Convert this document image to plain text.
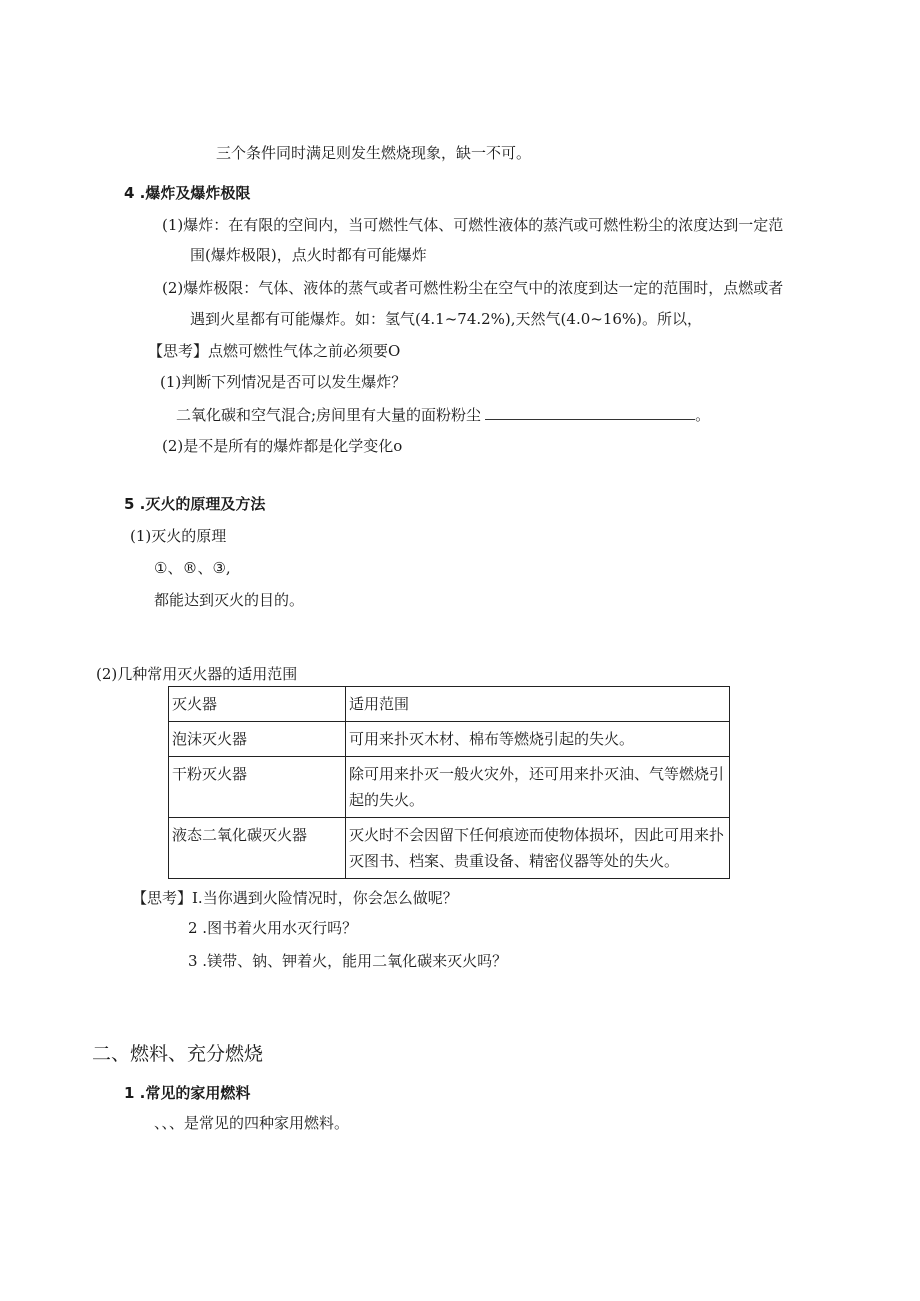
三个条件同时满足则发生燃烧现象，缺一不可。
4 .爆炸及爆炸极限
(1)爆炸：在有限的空间内，当可燃性气体、可燃性液体的蒸汽或可燃性粉尘的浓度达到一定范
围(爆炸极限)，点火时都有可能爆炸
(2)爆炸极限：气体、液体的蒸气或者可燃性粉尘在空气中的浓度到达一定的范围时，点燃或者
遇到火星都有可能爆炸。如：氢气(4.1~74.2%),天然气(4.0~16%)。所以，
【思考】点燃可燃性气体之前必须要O
(1)判断下列情况是否可以发生爆炸？
二氧化碳和空气混合;房间里有大量的面粉粉尘	。
(2)是不是所有的爆炸都是化学变化o
5 .灭火的原理及方法
(1)灭火的原理
①、®、③,
都能达到灭火的目的。
(2)几种常用灭火器的适用范围
灭火器	适用范围
泡沫灭火器	可用来扑灭木材、棉布等燃烧引起的失火。
干粉灭火器	除可用来扑灭一般火灾外，还可用来扑灭油、气等燃烧引起的失火。
液态二氧化碳灭火器	灭火时不会因留下任何痕迹而使物体损坏，因此可用来扑灭图书、档案、贵重设备、精密仪器等处的失火。
【思考】I.当你遇到火险情况时，你会怎么做呢？
2 .图书着火用水灭行吗？
3 .镁带、钠、钾着火，能用二氧化碳来灭火吗？
二、燃料、充分燃烧
1 .常见的家用燃料
、、、是常见的四种家用燃料。
